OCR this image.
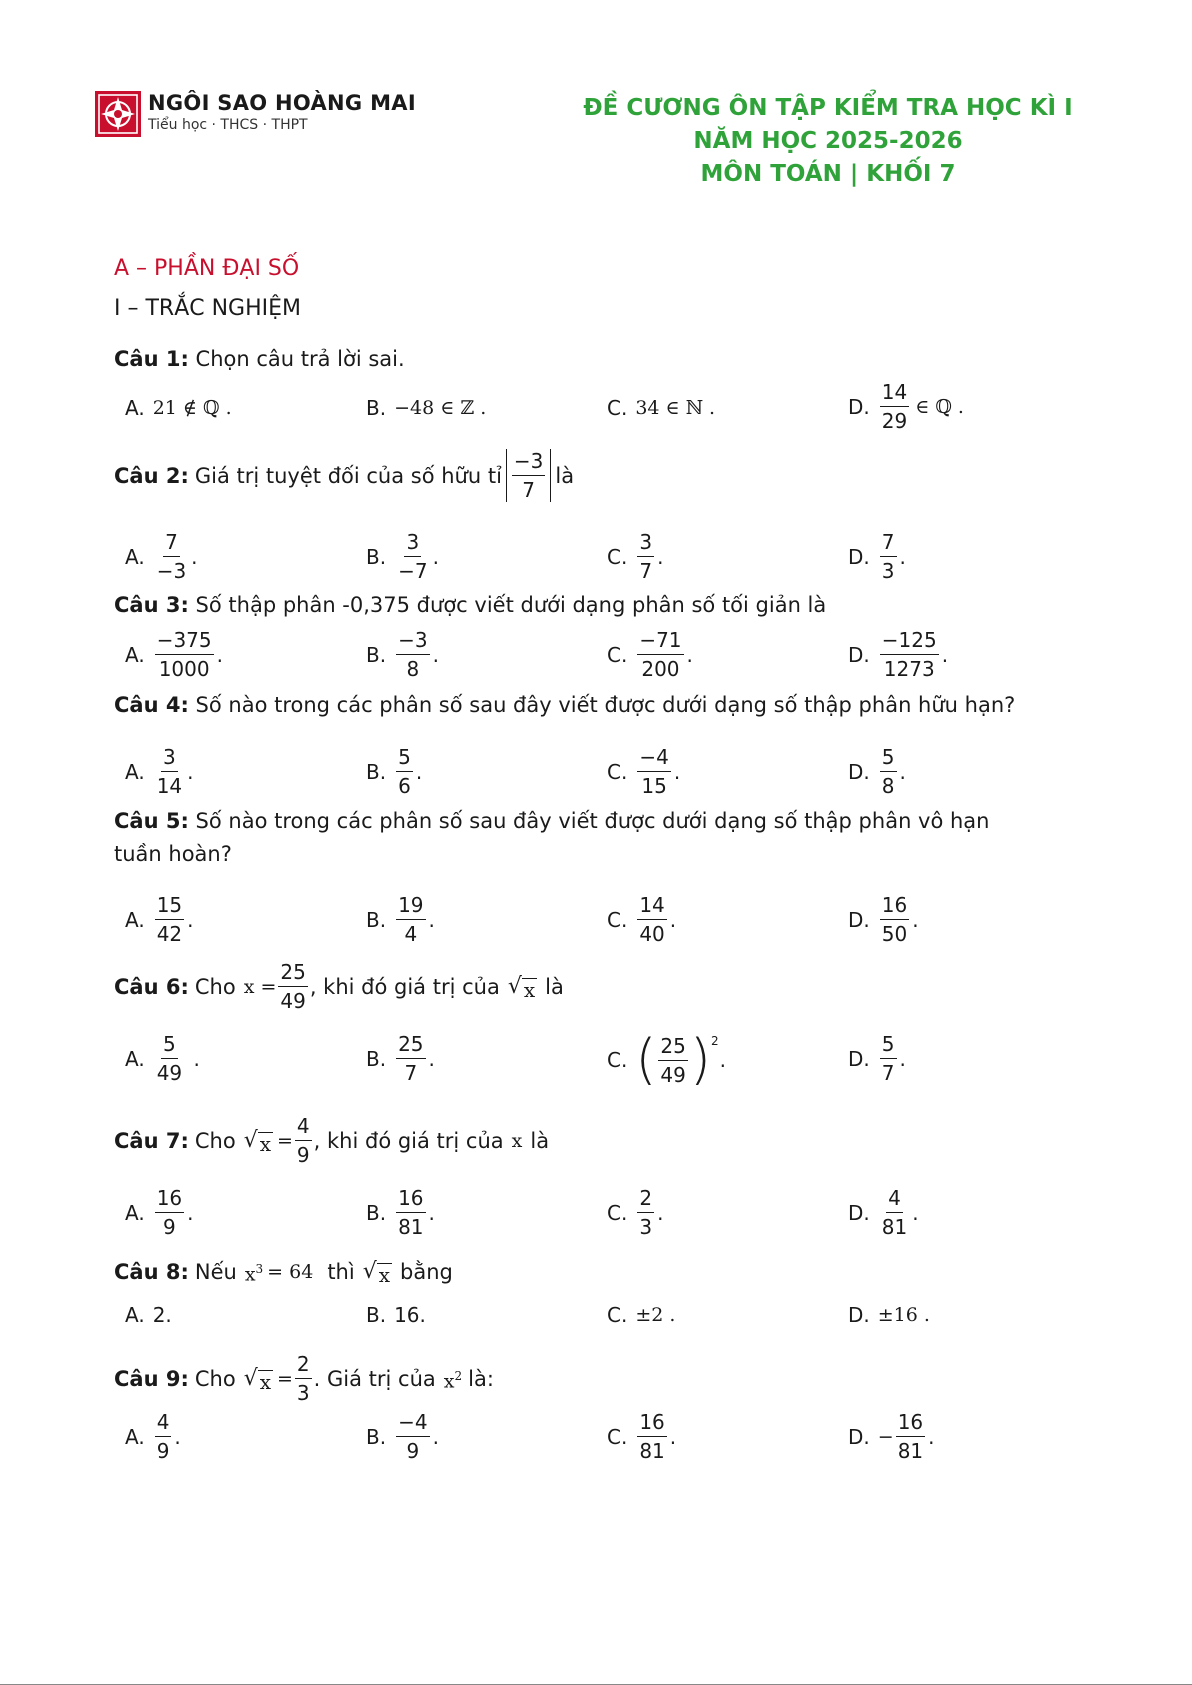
NGÔI SAO HOÀNG MAI
Tiểu học · THCS · THPT
ĐỀ CƯƠNG ÔN TẬP KIỂM TRA HỌC KÌ I
NĂM HỌC 2025-2026
MÔN TOÁN | KHỐI 7
A – PHẦN ĐẠI SỐ
I – TRẮC NGHIỆM
Câu 1: Chọn câu trả lời sai.
A. 21 ∉ ℚ .	B. −48 ∈ ℤ .	C. 34 ∈ ℕ .	D. $\frac{14}{29}$ ∈ ℚ .
Câu 2: Giá trị tuyệt đối của số hữu tỉ $\frac{-3}{7}$ là
A. $\frac{7}{-3}$ .	B. $\frac{3}{-7}$ .	C. $\frac{3}{7}$ .	D. $\frac{7}{3}$ .
Câu 3: Số thập phân -0,375 được viết dưới dạng phân số tối giản là
A. $\frac{-375}{1000}$ .	B. $\frac{-3}{8}$ .	C. $\frac{-71}{200}$ .	D. $\frac{-125}{1273}$ .
Câu 4: Số nào trong các phân số sau đây viết được dưới dạng số thập phân hữu hạn?
A. $\frac{3}{14}$ .	B. $\frac{5}{6}$ .	C. $\frac{-4}{15}$ .	D. $\frac{5}{8}$ .
Câu 5: Số nào trong các phân số sau đây viết được dưới dạng số thập phân vô hạn
tuần hoàn?
A. $\frac{15}{42}$ .	B. $\frac{19}{4}$ .	C. $\frac{14}{40}$ .	D. $\frac{16}{50}$ .
Câu 6: Cho $x = \frac{25}{49}$ , khi đó giá trị của √ x là
A. $\frac{5}{49}$ .	B. $\frac{25}{7}$ .	C. ( $\frac{25}{49} )^2$
.	D. $\frac{5}{7}$ .
Câu 7: Cho √ $x = \frac{4}{9}$ , khi đó giá trị của x là
A. $\frac{16}{9}$ .	B. $\frac{16}{81}$ .	C. $\frac{2}{3}$ .	D. $\frac{4}{81}$ .
Câu 8: Nếu $x^3 = 64$ thì √ x bằng
A. 2.	B. 16.	C. ±2 .	D. ±16 .
Câu 9: Cho √ $x = \frac{2}{3}$ . Giá trị của $x^2$ là:
A. $\frac{4}{9}$ .	B. $\frac{-4}{9}$ .	C. $\frac{16}{81}$ .	D. − $\frac{16}{81}$ .
